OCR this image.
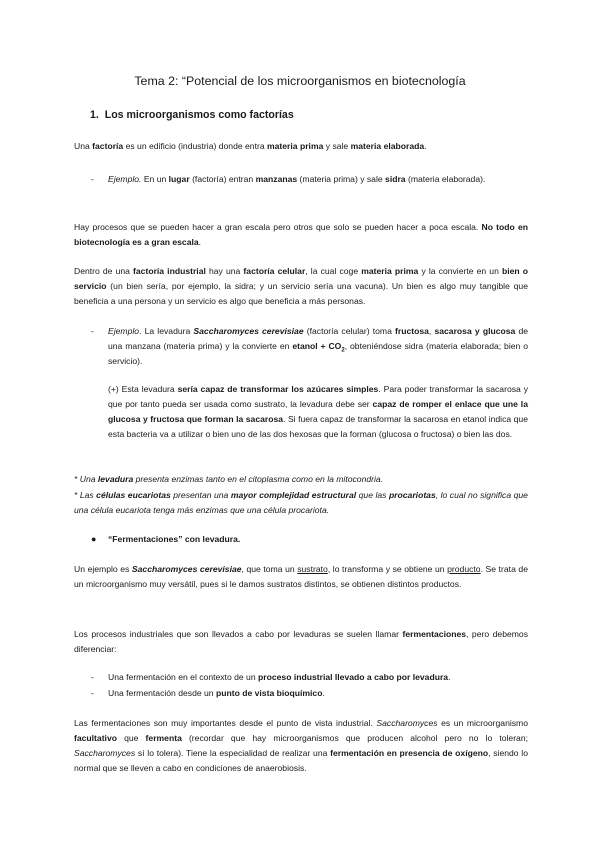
Tema 2: “Potencial de los microorganismos en biotecnología
1. Los microorganismos como factorías
Una factoría es un edificio (industria) donde entra materia prima y sale materia elaborada.
- Ejemplo. En un lugar (factoría) entran manzanas (materia prima) y sale sidra (materia elaborada).
Hay procesos que se pueden hacer a gran escala pero otros que solo se pueden hacer a poca escala. No todo en biotecnología es a gran escala.
Dentro de una factoría industrial hay una factoría celular, la cual coge materia prima y la convierte en un bien o servicio (un bien sería, por ejemplo, la sidra; y un servicio sería una vacuna). Un bien es algo muy tangible que beneficia a una persona y un servicio es algo que beneficia a más personas.
- Ejemplo. La levadura Saccharomyces cerevisiae (factoría celular) toma fructosa, sacarosa y glucosa de una manzana (materia prima) y la convierte en etanol + $CO_2$, obteniéndose sidra (materia elaborada; bien o servicio).
(+) Esta levadura sería capaz de transformar los azúcares simples. Para poder transformar la sacarosa y que por tanto pueda ser usada como sustrato, la levadura debe ser capaz de romper el enlace que une la glucosa y fructosa que forman la sacarosa. Si fuera capaz de transformar la sacarosa en etanol indica que esta bacteria va a utilizar o bien uno de las dos hexosas que la forman (glucosa o fructosa) o bien las dos.
* Una levadura presenta enzimas tanto en el citoplasma como en la mitocondria.
* Las células eucariotas presentan una mayor complejidad estructural que las procariotas, lo cual no significa que una célula eucariota tenga más enzimas que una célula procariota.
● “Fermentaciones” con levadura.
Un ejemplo es Saccharomyces cerevisiae, que toma un sustrato, lo transforma y se obtiene un producto. Se trata de un microorganismo muy versátil, pues si le damos sustratos distintos, se obtienen distintos productos.
Los procesos industriales que son llevados a cabo por levaduras se suelen llamar fermentaciones, pero debemos diferenciar:
- Una fermentación en el contexto de un proceso industrial llevado a cabo por levadura.
- Una fermentación desde un punto de vista bioquímico.
Las fermentaciones son muy importantes desde el punto de vista industrial. Saccharomyces es un microorganismo facultativo que fermenta (recordar que hay microorganismos que producen alcohol pero no lo toleran; Saccharomyces sí lo tolera). Tiene la especialidad de realizar una fermentación en presencia de oxígeno, siendo lo normal que se lleven a cabo en condiciones de anaerobiosis.
